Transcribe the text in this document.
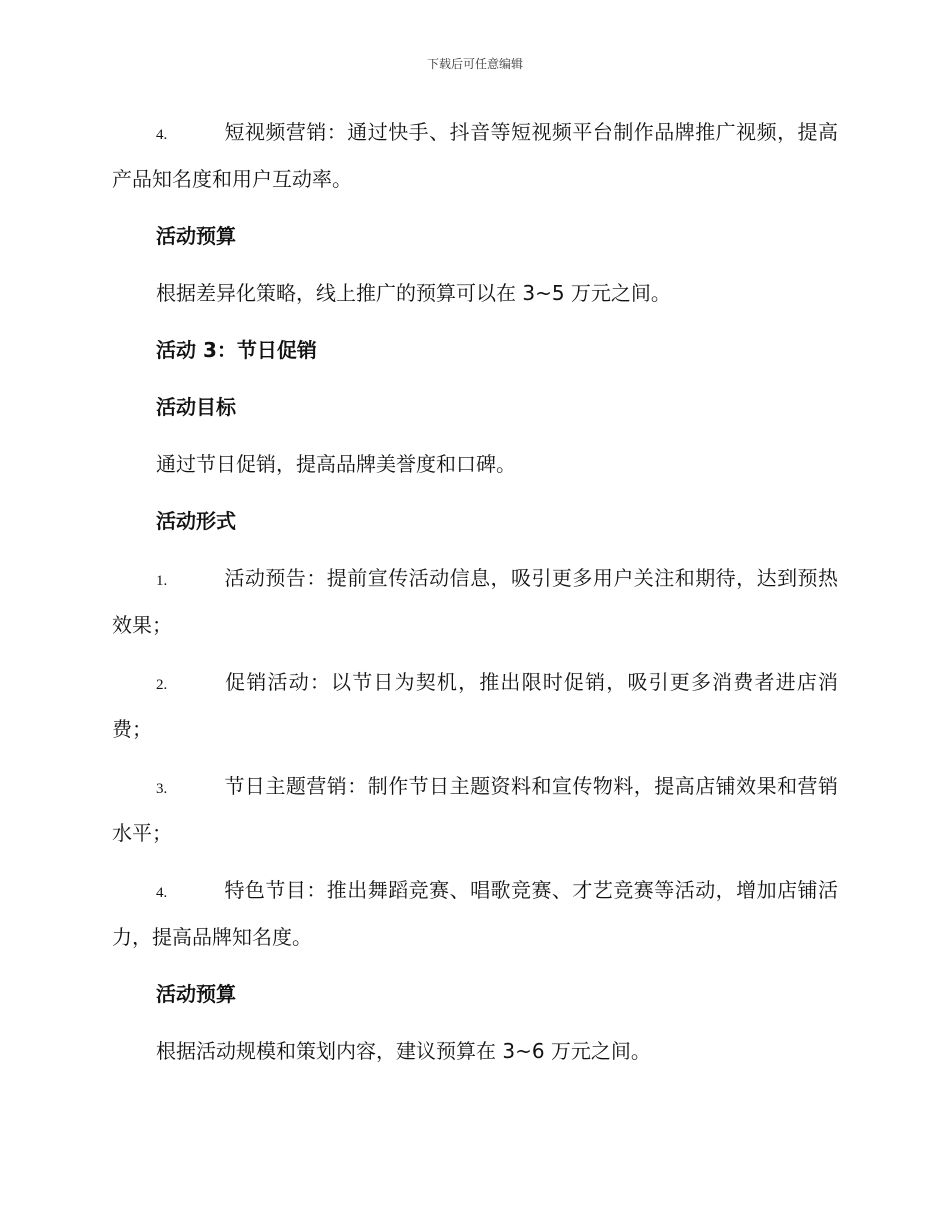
下载后可任意编辑
4.	短视频营销：通过快手、抖音等短视频平台制作品牌推广视频，提高产品知名度和用户互动率。
活动预算
根据差异化策略，线上推广的预算可以在 3~5 万元之间。
活动 3：节日促销
活动目标
通过节日促销，提高品牌美誉度和口碑。
活动形式
1.	活动预告：提前宣传活动信息，吸引更多用户关注和期待，达到预热效果；
2.	促销活动：以节日为契机，推出限时促销，吸引更多消费者进店消费；
3.	节日主题营销：制作节日主题资料和宣传物料，提高店铺效果和营销水平；
4.	特色节目：推出舞蹈竞赛、唱歌竞赛、才艺竞赛等活动，增加店铺活力，提高品牌知名度。
活动预算
根据活动规模和策划内容，建议预算在 3~6 万元之间。
